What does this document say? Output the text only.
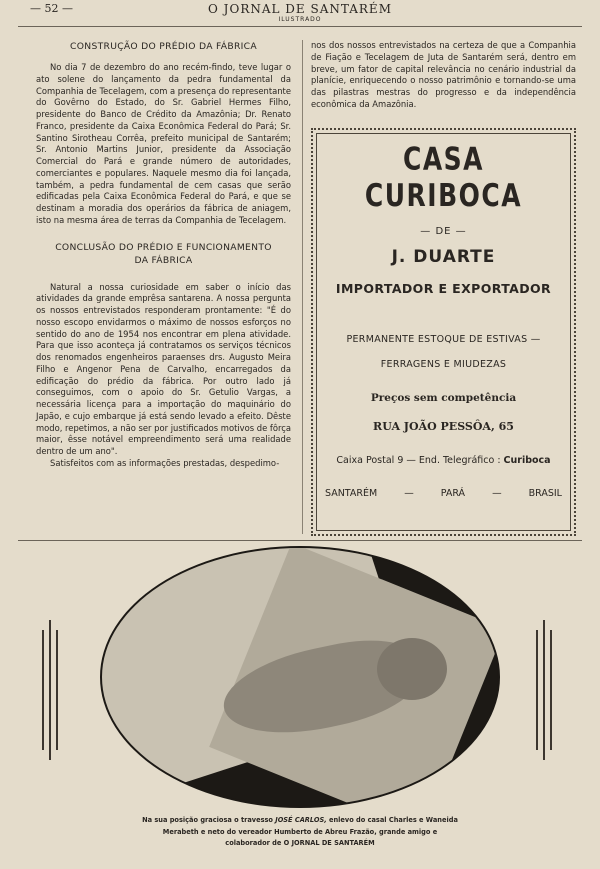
— 52 —	O JORNAL DE SANTARÉM
ILUSTRADO

CONSTRUÇÃO DO PRÉDIO DA FÁBRICA

No dia 7 de dezembro do ano recém-findo, teve lugar o ato solene do lançamento da pedra fundamental da Companhia de Tecelagem, com a presença do representante do Govêrno do Estado, do Sr. Gabriel Hermes Filho, presidente do Banco de Crédito da Amazônia; Dr. Renato Franco, presidente da Caixa Econômica Federal do Pará; Sr. Santino Sirotheau Corrêa, prefeito municipal de Santarém; Sr. Antonio Martins Junior, presidente da Associação Comercial do Pará e grande número de autoridades, comerciantes e populares. Naquele mesmo dia foi lançada, também, a pedra fundamental de cem casas que serão edificadas pela Caixa Econômica Federal do Pará, e que se destinam a moradia dos operários da fábrica de aniagem, isto na mesma área de terras da Companhia de Tecelagem.

CONCLUSÃO DO PRÉDIO E FUNCIONAMENTO
DA FÁBRICA

Natural a nossa curiosidade em saber o início das atividades da grande emprêsa santarena. A nossa pergunta os nossos entrevistados responderam prontamente: "É do nosso escopo envidarmos o máximo de nossos esforços no sentido do ano de 1954 nos encontrar em plena atividade. Para que isso aconteça já contratamos os serviços técnicos dos renomados engenheiros paraenses drs. Augusto Meira Filho e Angenor Pena de Carvalho, encarregados da edificação do prédio da fábrica. Por outro lado já conseguimos, com o apoio do Sr. Getulio Vargas, a necessária licença para a importação do maquinário do Japão, e cujo embarque já está sendo levado a efeito. Dêste modo, repetimos, a não ser por justificados motivos de fôrça maior, êsse notável empreendimento será uma realidade dentro de um ano".

Satisfeitos com as informações prestadas, despedimo-

nos dos nossos entrevistados na certeza de que a Companhia de Fiação e Tecelagem de Juta de Santarém será, dentro em breve, um fator de capital relevância no cenário industrial da planície, enriquecendo o nosso patrimônio e tornando-se uma das pilastras mestras do progresso e da independência econômica da Amazônia.

CASA CURIBOCA
— DE —
J. DUARTE
IMPORTADOR E EXPORTADOR
PERMANENTE ESTOQUE DE ESTIVAS —
FERRAGENS E MIUDEZAS
Preços sem competência
RUA JOÃO PESSÔA, 65
Caixa Postal 9 — End. Telegráfico : Curiboca
SANTARÉM	—	PARÁ	—	BRASIL
Na sua posição graciosa o travesso JOSÉ CARLOS, enlevo do casal Charles e Waneida Merabeth e neto do vereador Humberto de Abreu Frazão, grande amigo e colaborador de O JORNAL DE SANTARÉM
